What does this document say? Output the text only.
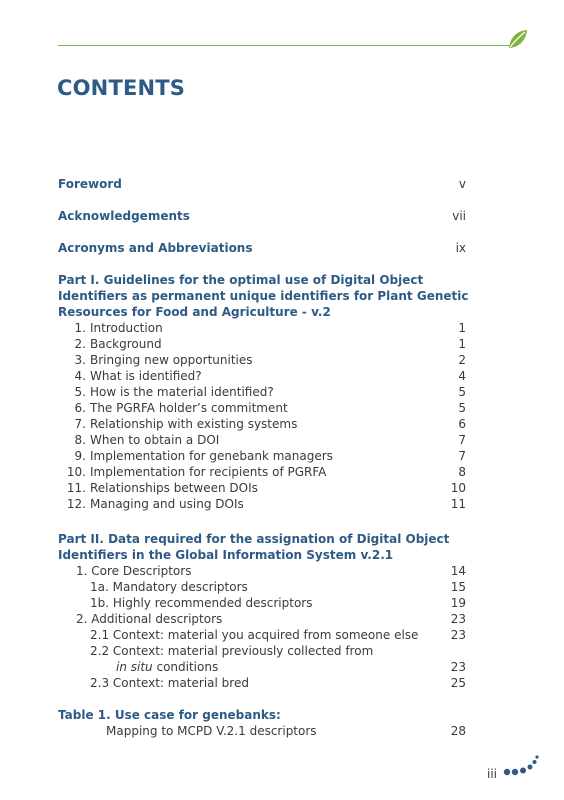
CONTENTS
Foreword	v
Acknowledgements	vii
Acronyms and Abbreviations	ix
Part I. Guidelines for the optimal use of Digital Object
Identifiers as permanent unique identifiers for Plant Genetic
Resources for Food and Agriculture - v.2
1. Introduction	1
2. Background	1
3. Bringing new opportunities	2
4. What is identified?	4
5. How is the material identified?	5
6. The PGRFA holder’s commitment	5
7. Relationship with existing systems	6
8. When to obtain a DOI	7
9. Implementation for genebank managers	7
10. Implementation for recipients of PGRFA	8
11. Relationships between DOIs	10
12. Managing and using DOIs	11
Part II. Data required for the assignation of Digital Object
Identifiers in the Global Information System v.2.1
1. Core Descriptors	14
1a. Mandatory descriptors	15
1b. Highly recommended descriptors	19
2. Additional descriptors	23
2.1 Context: material you acquired from someone else	23
2.2 Context: material previously collected from
in situ conditions	23
2.3 Context: material bred	25
Table 1. Use case for genebanks:
Mapping to MCPD V.2.1 descriptors	28
iii
